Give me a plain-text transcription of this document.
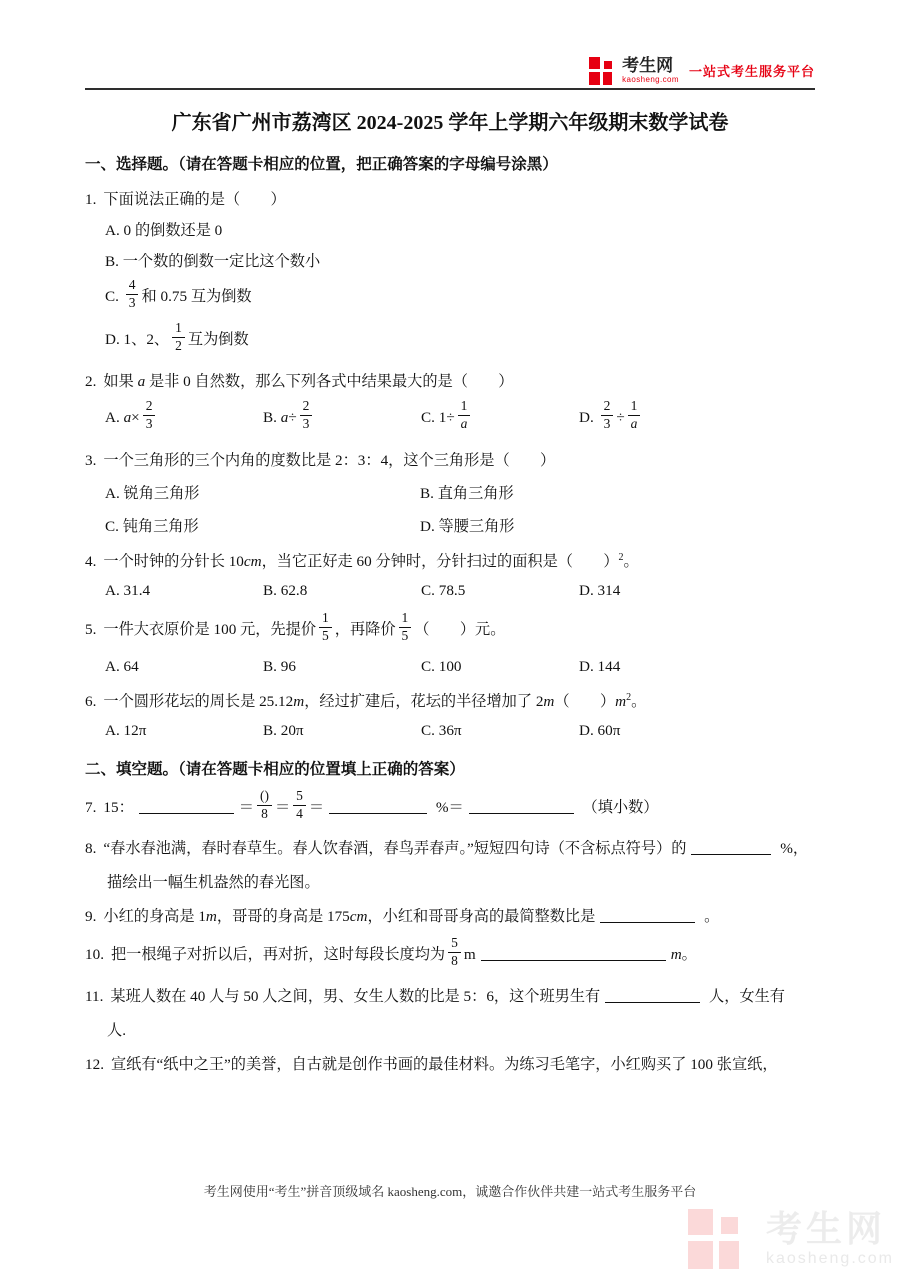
考生网
kaosheng.com
一站式考生服务平台
广东省广州市荔湾区 2024-2025 学年上学期六年级期末数学试卷
一、选择题。（请在答题卡相应的位置，把正确答案的字母编号涂黑）
1. 下面说法正确的是（　　）
A. 0 的倒数还是 0
B. 一个数的倒数一定比这个数小
C. $\frac{4}{3}$ 和 0.75 互为倒数
D. 1、2、 $\frac{1}{2}$ 互为倒数
2. 如果 a 是非 0 自然数，那么下列各式中结果最大的是（　　）
A. $a\times \frac{2}{3}$	B. $a\div \frac{2}{3}$	C. $1\div \frac{1}{a}$	D. $\frac{2}{3} \div \frac{1}{a}$
3. 一个三角形的三个内角的度数比是 2：3：4，这个三角形是（　　）
A. 锐角三角形	B. 直角三角形
C. 钝角三角形	D. 等腰三角形
4. 一个时钟的分针长 10cm，当它正好走 60 分钟时，分针扫过的面积是（　　）$^2$。
A. 31.4	B. 62.8	C. 78.5	D. 314
5. 一件大衣原价是 100 元，先提价 $\frac{1}{5}$ ，再降价 $\frac{1}{5}$ （　　）元。
A. 64	B. 96	C. 100	D. 144
6. 一个圆形花坛的周长是 25.12m，经过扩建后，花坛的半径增加了 2m（　　）$m^2$。
A. 12π	B. 20π	C. 36π	D. 60π
二、填空题。（请在答题卡相应的位置填上正确的答案）
7. 15：	＝ $\frac{()}{8} = \frac{5}{4}$ ＝	%＝	（填小数）
8. “春水春池满，春时春草生。春人饮春酒，春鸟弄春声。”短短四句诗（不含标点符号）的	%，
描绘出一幅生机盎然的春光图。
9. 小红的身高是 1m，哥哥的身高是 175cm，小红和哥哥身高的最简整数比是	。
10. 把一根绳子对折以后，再对折，这时每段长度均为 $\frac{5}{8}$ m	m。
11. 某班人数在 40 人与 50 人之间，男、女生人数的比是 5：6，这个班男生有	人，女生有
人.
12. 宣纸有“纸中之王”的美誉，自古就是创作书画的最佳材料。为练习毛笔字，小红购买了 100 张宣纸，
考生网使用“考生”拼音顶级域名 kaosheng.com，诚邀合作伙伴共建一站式考生服务平台
考生网
kaosheng.com
